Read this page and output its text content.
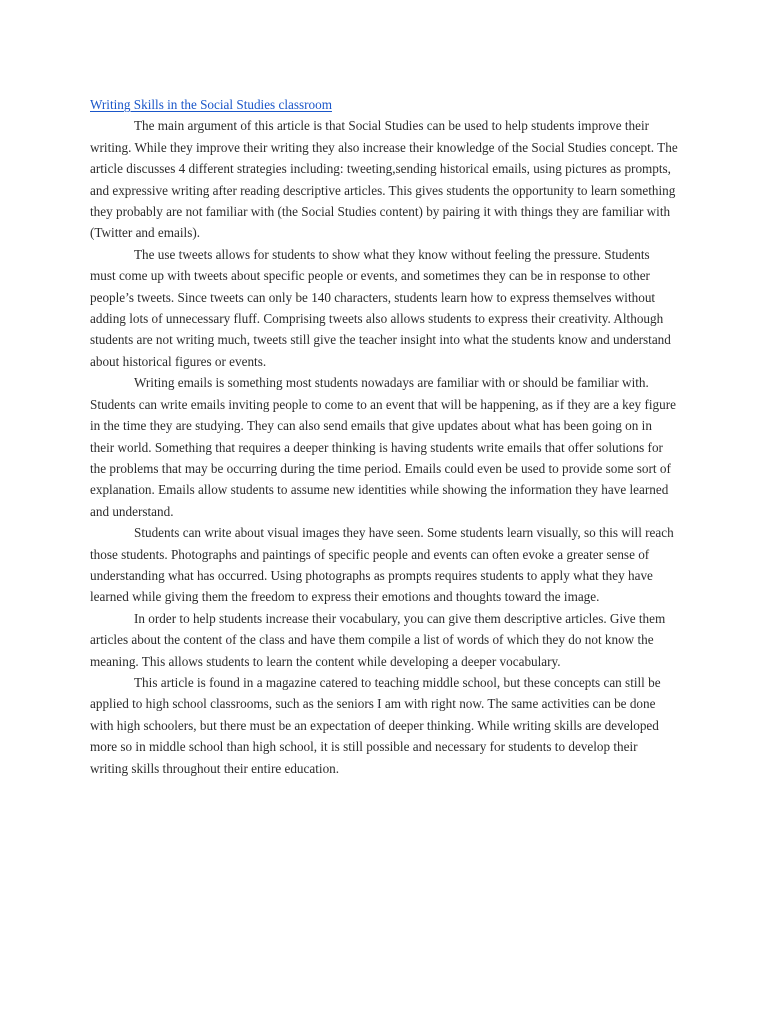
Writing Skills in the Social Studies classroom

The main argument of this article is that Social Studies can be used to help students improve their writing. While they improve their writing they also increase their knowledge of the Social Studies concept. The article discusses 4 different strategies including: tweeting,sending historical emails, using pictures as prompts, and expressive writing after reading descriptive articles. This gives students the opportunity to learn something they probably are not familiar with (the Social Studies content) by pairing it with things they are familiar with (Twitter and emails).

The use tweets allows for students to show what they know without feeling the pressure. Students must come up with tweets about specific people or events, and sometimes they can be in response to other people’s tweets. Since tweets can only be 140 characters, students learn how to express themselves without adding lots of unnecessary fluff. Comprising tweets also allows students to express their creativity. Although students are not writing much, tweets still give the teacher insight into what the students know and understand about historical figures or events.

Writing emails is something most students nowadays are familiar with or should be familiar with. Students can write emails inviting people to come to an event that will be happening, as if they are a key figure in the time they are studying. They can also send emails that give updates about what has been going on in their world. Something that requires a deeper thinking is having students write emails that offer solutions for the problems that may be occurring during the time period. Emails could even be used to provide some sort of explanation. Emails allow students to assume new identities while showing the information they have learned and understand.

Students can write about visual images they have seen. Some students learn visually, so this will reach those students. Photographs and paintings of specific people and events can often evoke a greater sense of understanding what has occurred. Using photographs as prompts requires students to apply what they have learned while giving them the freedom to express their emotions and thoughts toward the image.

In order to help students increase their vocabulary, you can give them descriptive articles. Give them articles about the content of the class and have them compile a list of words of which they do not know the meaning. This allows students to learn the content while developing a deeper vocabulary.

This article is found in a magazine catered to teaching middle school, but these concepts can still be applied to high school classrooms, such as the seniors I am with right now. The same activities can be done with high schoolers, but there must be an expectation of deeper thinking. While writing skills are developed more so in middle school than high school, it is still possible and necessary for students to develop their writing skills throughout their entire education.
